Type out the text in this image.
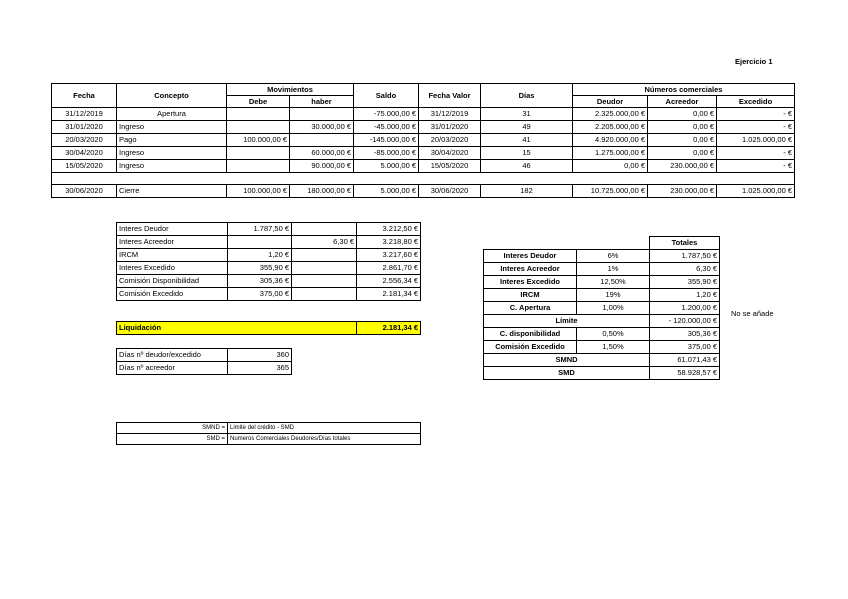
Ejercicio 1
Fecha	Concepto	Movimientos		Saldo	Fecha Valor	Días	Números comerciales		
		Debe	haber				Deudor	Acreedor	Excedido
31/12/2019	Apertura			-75.000,00 €	31/12/2019	31	2.325.000,00 €	0,00 €	- €
31/01/2020	Ingreso		30.000,00 €	-45.000,00 €	31/01/2020	49	2.205.000,00 €	0,00 €	- €
20/03/2020	Pago	100.000,00 €		-145.000,00 €	20/03/2020	41	4.920.000,00 €	0,00 €	1.025.000,00 €
30/04/2020	Ingreso		60.000,00 €	-85.000,00 €	30/04/2020	15	1.275.000,00 €	0,00 €	- €
15/05/2020	Ingreso		90.000,00 €	5.000,00 €	15/05/2020	46	0,00 €	230.000,00 €	- €

30/06/2020	Cierre	100.000,00 €	180.000,00 €	5.000,00 €	30/06/2020	182	10.725.000,00 €	230.000,00 €	1.025.000,00 €
Interes Deudor	1.787,50 €		3.212,50 €
Interes Acreedor		6,30 €	3.218,80 €
IRCM	1,20 €		3.217,60 €
Interes Excedido	355,90 €		2.861,70 €
Comisión Disponibilidad	305,36 €		2.556,34 €
Comisión Excedido	375,00 €		2.181,34 €
Liquidación	2.181,34 €
Días nº deudor/excedido	360
Días nº acreedor	365
SMND =	Limite del crédito - SMD
SMD =	Numeros Comerciales Deudores/Días totales
		Totales
Interes Deudor	6%	1.787,50 €
Interes Acreedor	1%	6,30 €
Interes Excedido	12,50%	355,90 €
IRCM	19%	1,20 €
C. Apertura	1,00%	1.200,00 €
Límite		- 120.000,00 €
C. disponibilidad	0,50%	305,36 €
Comisión Excedido	1,50%	375,00 €
SMND		61.071,43 €
SMD		58.928,57 €
No se añade
